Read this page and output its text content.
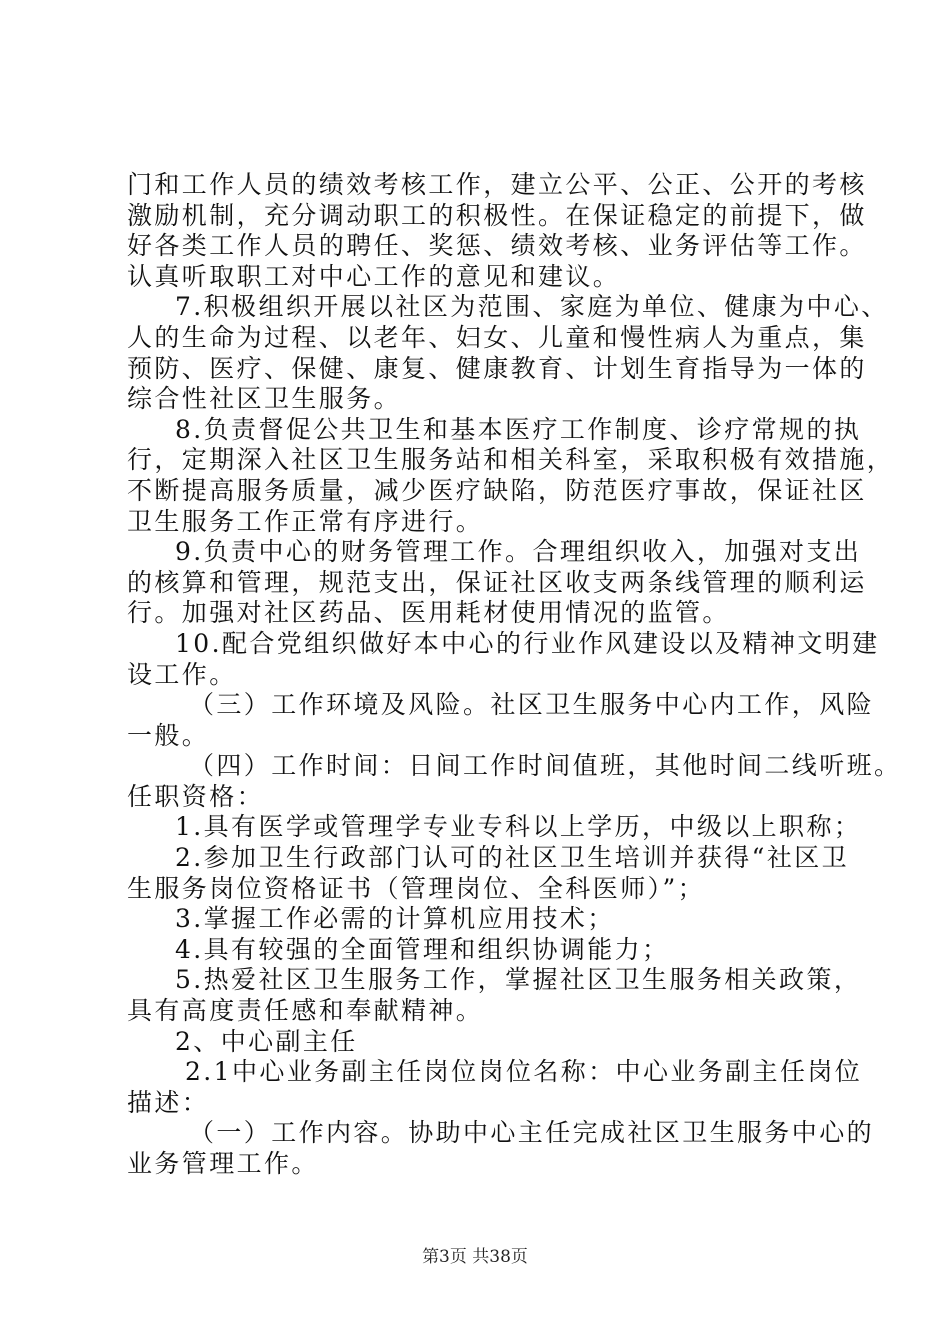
门和工作人员的绩效考核工作，建立公平、公正、公开的考核
激励机制，充分调动职工的积极性。在保证稳定的前提下，做
好各类工作人员的聘任、奖惩、绩效考核、业务评估等工作。
认真听取职工对中心工作的意见和建议。
7.积极组织开展以社区为范围、家庭为单位、健康为中心、
人的生命为过程、以老年、妇女、儿童和慢性病人为重点，集
预防、医疗、保健、康复、健康教育、计划生育指导为一体的
综合性社区卫生服务。
8.负责督促公共卫生和基本医疗工作制度、诊疗常规的执
行，定期深入社区卫生服务站和相关科室，采取积极有效措施，
不断提高服务质量，减少医疗缺陷，防范医疗事故，保证社区
卫生服务工作正常有序进行。
9.负责中心的财务管理工作。合理组织收入，加强对支出
的核算和管理，规范支出，保证社区收支两条线管理的顺利运
行。加强对社区药品、医用耗材使用情况的监管。
10.配合党组织做好本中心的行业作风建设以及精神文明建
设工作。
（三）工作环境及风险。社区卫生服务中心内工作，风险
一般。
（四）工作时间：日间工作时间值班，其他时间二线听班。
任职资格：
1.具有医学或管理学专业专科以上学历，中级以上职称；
2.参加卫生行政部门认可的社区卫生培训并获得“社区卫
生服务岗位资格证书（管理岗位、全科医师）”；
3.掌握工作必需的计算机应用技术；
4.具有较强的全面管理和组织协调能力；
5.热爱社区卫生服务工作，掌握社区卫生服务相关政策，
具有高度责任感和奉献精神。
2、中心副主任
2.1中心业务副主任岗位岗位名称：中心业务副主任岗位
描述：
（一）工作内容。协助中心主任完成社区卫生服务中心的
业务管理工作。
第3页 共38页
